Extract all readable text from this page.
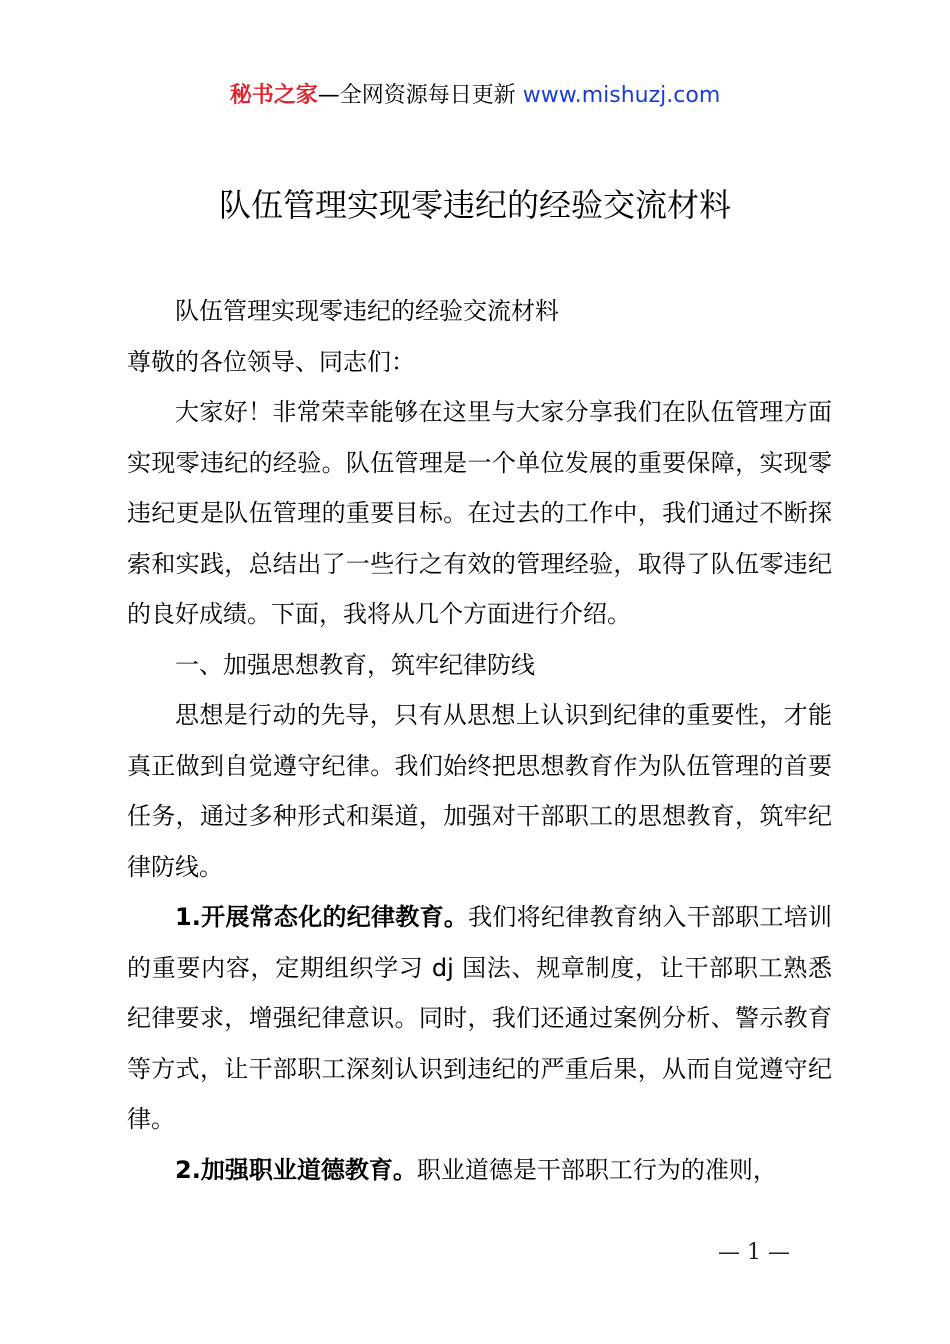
秘书之家—全网资源每日更新 www.mishuzj.com
队伍管理实现零违纪的经验交流材料

队伍管理实现零违纪的经验交流材料

尊敬的各位领导、同志们：

大家好！非常荣幸能够在这里与大家分享我们在队伍管理方面实现零违纪的经验。队伍管理是一个单位发展的重要保障，实现零违纪更是队伍管理的重要目标。在过去的工作中，我们通过不断探索和实践，总结出了一些行之有效的管理经验，取得了队伍零违纪的良好成绩。下面，我将从几个方面进行介绍。

一、加强思想教育，筑牢纪律防线

思想是行动的先导，只有从思想上认识到纪律的重要性，才能真正做到自觉遵守纪律。我们始终把思想教育作为队伍管理的首要任务，通过多种形式和渠道，加强对干部职工的思想教育，筑牢纪律防线。

1.开展常态化的纪律教育。我们将纪律教育纳入干部职工培训的重要内容，定期组织学习 dj 国法、规章制度，让干部职工熟悉纪律要求，增强纪律意识。同时，我们还通过案例分析、警示教育等方式，让干部职工深刻认识到违纪的严重后果，从而自觉遵守纪律。

2.加强职业道德教育。职业道德是干部职工行为的准则，

— 1 —
